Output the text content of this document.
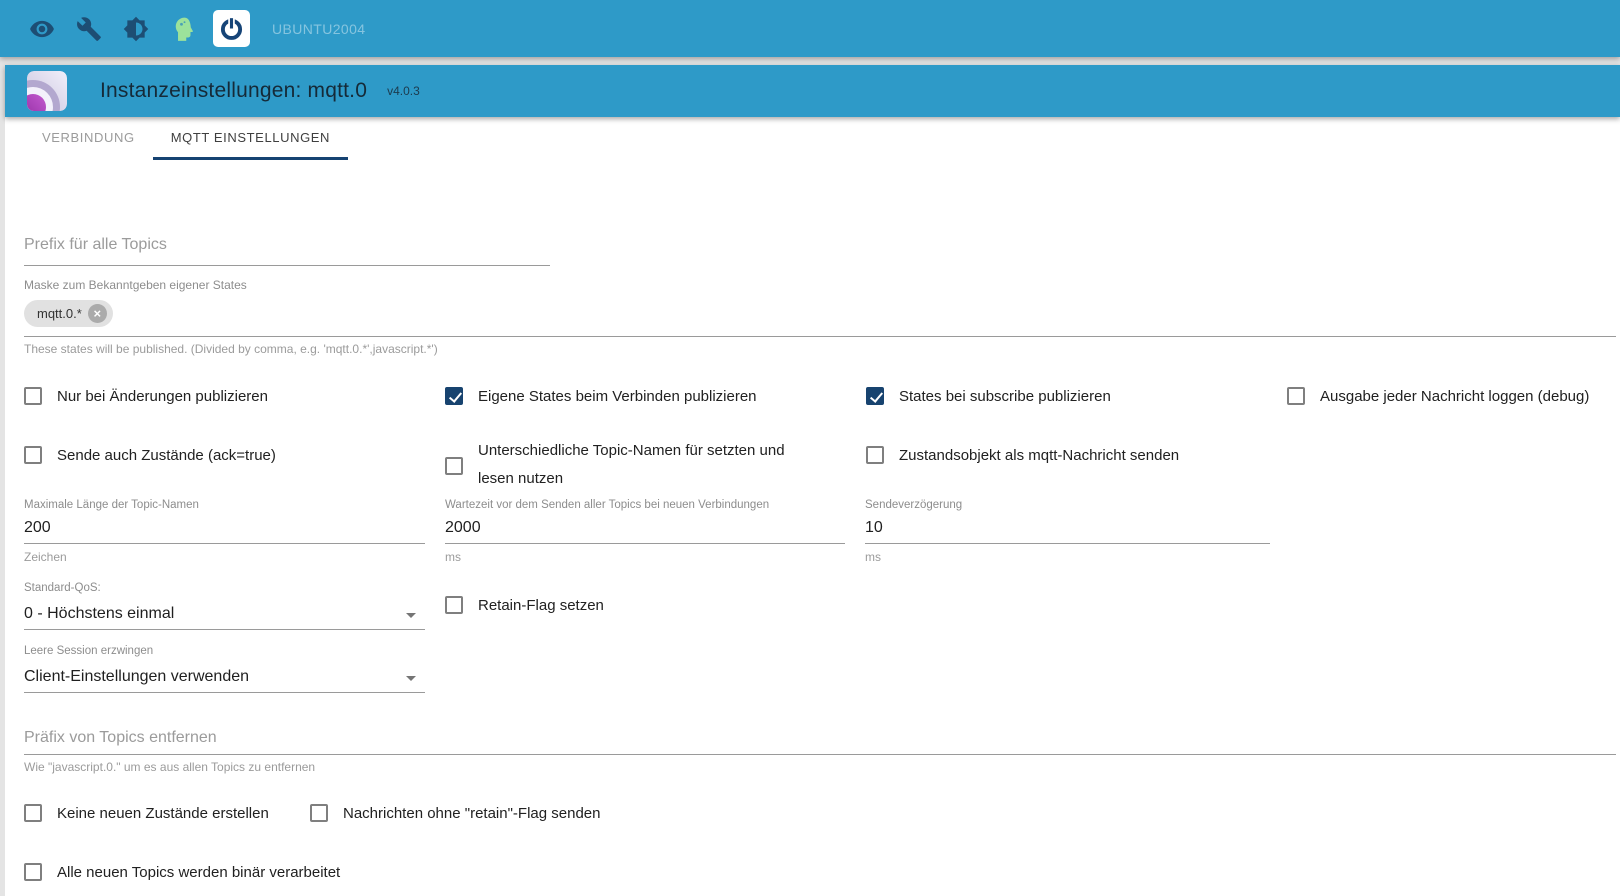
UBUNTU2004
Instanzeinstellungen: mqtt.0 v4.0.3
VERBINDUNG	MQTT EINSTELLUNGEN
Prefix für alle Topics
Maske zum Bekanntgeben eigener States
mqtt.0.* ×
These states will be published. (Divided by comma, e.g. 'mqtt.0.*',javascript.*')
Nur bei Änderungen publizieren	Eigene States beim Verbinden publizieren	States bei subscribe publizieren	Ausgabe jeder Nachricht loggen (debug)
Sende auch Zustände (ack=true)	Unterschiedliche Topic-Namen für setzten und lesen nutzen
Zustandsobjekt als mqtt-Nachricht senden
Maximale Länge der Topic-Namen
200
Zeichen
Wartezeit vor dem Senden aller Topics bei neuen Verbindungen
2000
ms
Sendeverzögerung
10
ms
Standard-QoS:
0 - Höchstens einmal	Retain-Flag setzen
Leere Session erzwingen
Client-Einstellungen verwenden
Präfix von Topics entfernen
Wie "javascript.0." um es aus allen Topics zu entfernen
Keine neuen Zustände erstellen	Nachrichten ohne "retain"-Flag senden
Alle neuen Topics werden binär verarbeitet
